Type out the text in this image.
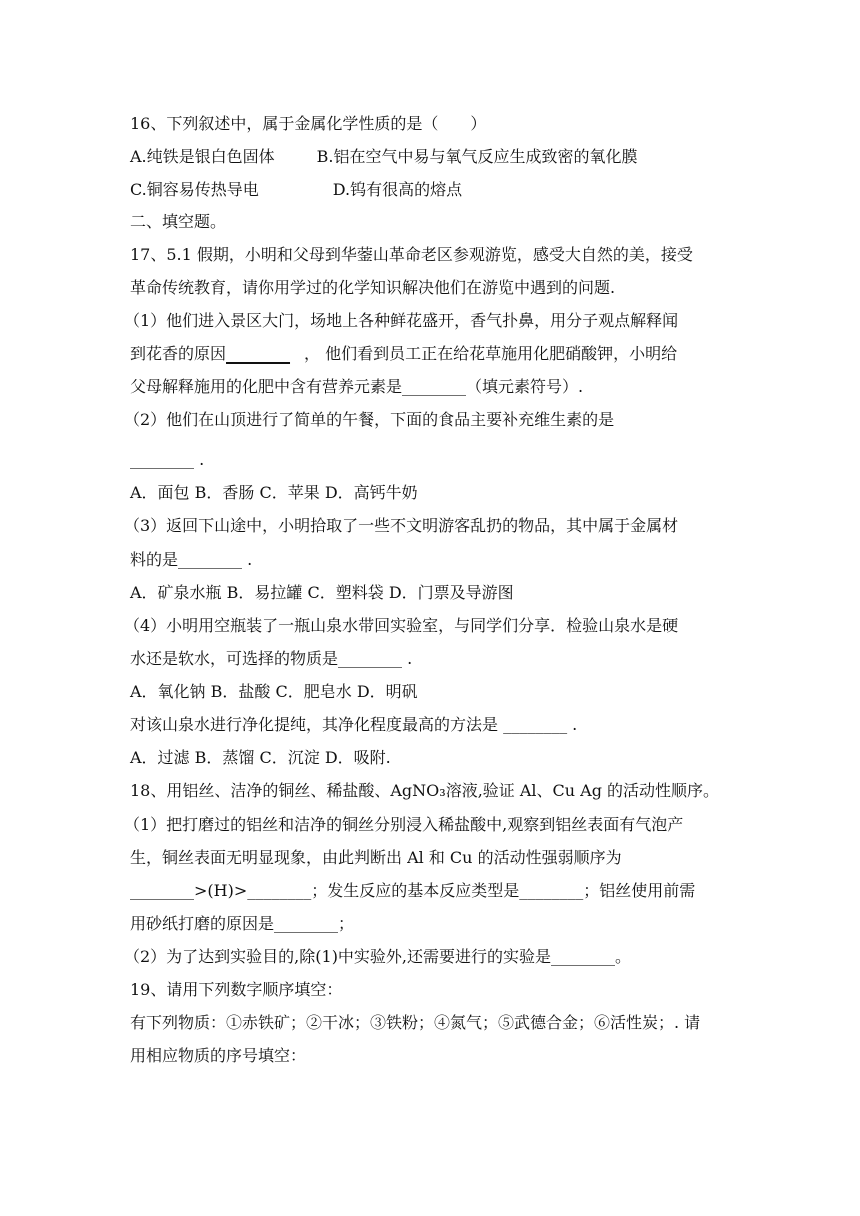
16、下列叙述中，属于金属化学性质的是（　　）
A.纯铁是银白色固体	B.铝在空气中易与氧气反应生成致密的氧化膜
C.铜容易传热导电	D.钨有很高的熔点
二、填空题。
17、5.1 假期，小明和父母到华蓥山革命老区参观游览，感受大自然的美，接受
革命传统教育，请你用学过的化学知识解决他们在游览中遇到的问题.
（1）他们进入景区大门，场地上各种鲜花盛开，香气扑鼻，用分子观点解释闻
到花香的原因________ ， 他们看到员工正在给花草施用化肥硝酸钾，小明给
父母解释施用的化肥中含有营养元素是________（填元素符号）.
（2）他们在山顶进行了简单的午餐，下面的食品主要补充维生素的是
________ .
A．面包 B．香肠 C．苹果 D．高钙牛奶
（3）返回下山途中，小明拾取了一些不文明游客乱扔的物品，其中属于金属材
料的是________ .
A．矿泉水瓶 B．易拉罐 C．塑料袋 D．门票及导游图
（4）小明用空瓶装了一瓶山泉水带回实验室，与同学们分享．检验山泉水是硬
水还是软水，可选择的物质是________ .
A．氧化钠 B．盐酸 C．肥皂水 D．明矾
对该山泉水进行净化提纯，其净化程度最高的方法是 ________ .
A．过滤 B．蒸馏 C．沉淀 D．吸附.
18、用铝丝、洁净的铜丝、稀盐酸、AgNO₃溶液,验证 Al、Cu Ag 的活动性顺序。
（1）把打磨过的铝丝和洁净的铜丝分别浸入稀盐酸中,观察到铝丝表面有气泡产
生，铜丝表面无明显现象，由此判断出 Al 和 Cu 的活动性强弱顺序为
________>(H)>________；发生反应的基本反应类型是________；铝丝使用前需
用砂纸打磨的原因是________；
（2）为了达到实验目的,除(1)中实验外,还需要进行的实验是________。
19、请用下列数字顺序填空：
有下列物质：①赤铁矿；②干冰；③铁粉；④氮气；⑤武德合金；⑥活性炭；. 请
用相应物质的序号填空：
